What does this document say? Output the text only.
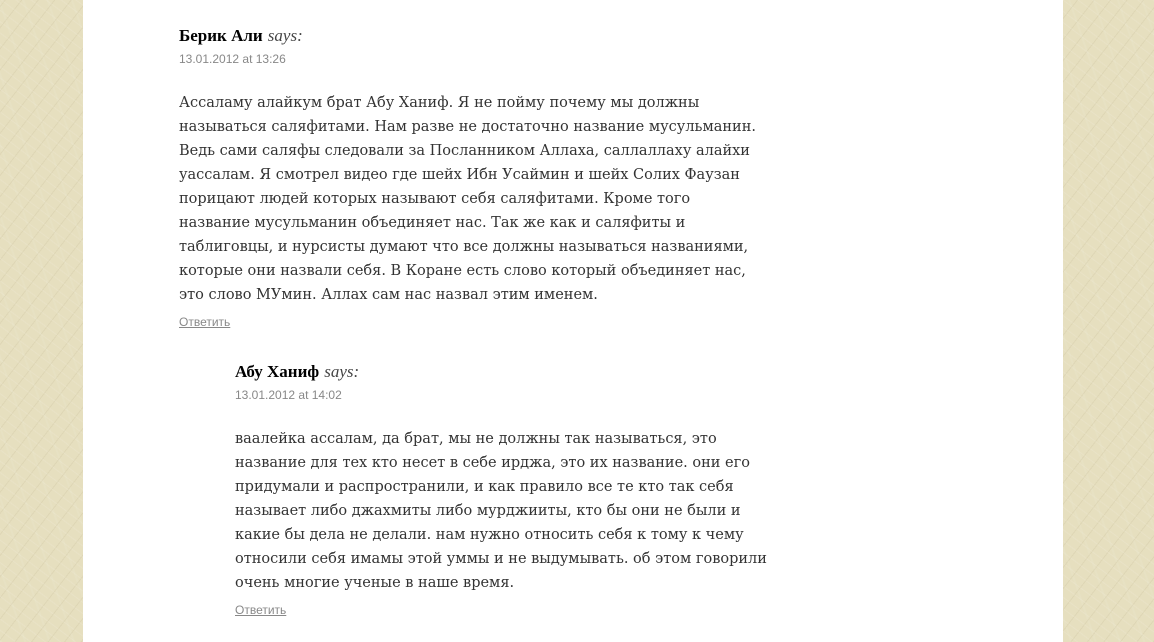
Берик Али says:

13.01.2012 at 13:26
Ассаламу алайкум брат Абу Ханиф. Я не пойму почему мы должны называться саляфитами. Нам разве не достаточно название мусульманин. Ведь сами саляфы следовали за Посланником Аллаха, саллаллаху алайхи уассалам. Я смотрел видео где шейх Ибн Усаймин и шейх Солих Фаузан порицают людей которых называют себя саляфитами. Кроме того название мусульманин объединяет нас. Так же как и саляфиты и таблиговцы, и нурсисты думают что все должны называться названиями, которые они назвали себя. В Коране есть слово который объединяет нас, это слово МУмин. Аллах сам нас назвал этим именем.
Ответить

Абу Ханиф says:

13.01.2012 at 14:02
ваалейка ассалам, да брат, мы не должны так называться, это название для тех кто несет в себе ирджа, это их название. они его придумали и распространили, и как правило все те кто так себя называет либо джахмиты либо мурджииты, кто бы они не были и какие бы дела не делали. нам нужно относить себя к тому к чему относили себя имамы этой уммы и не выдумывать. об этом говорили очень многие ученые в наше время.
Ответить
